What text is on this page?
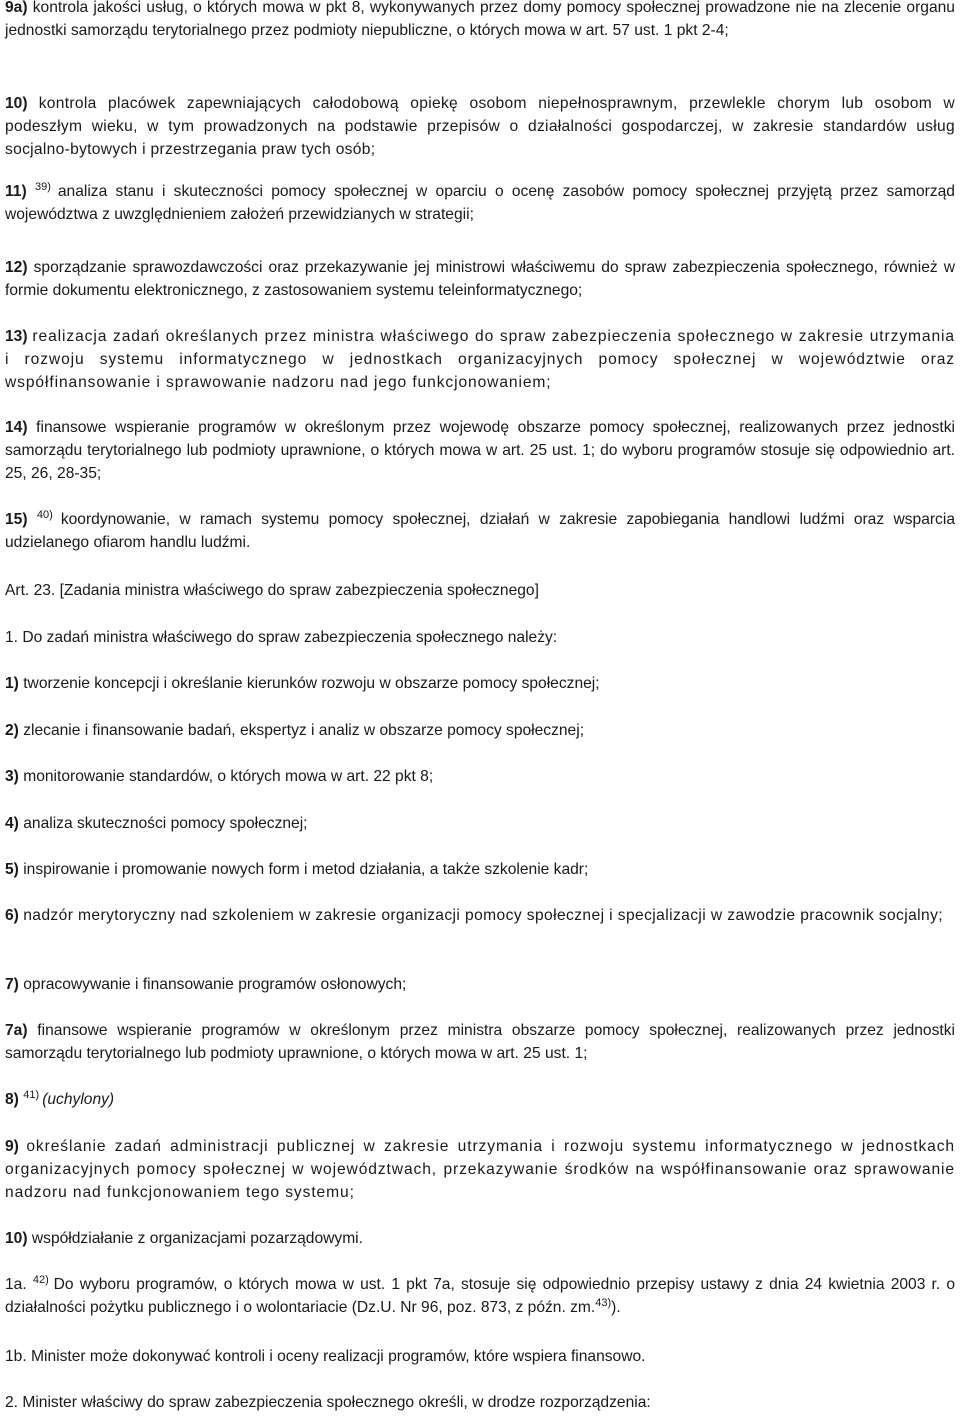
9a) kontrola jakości usług, o których mowa w pkt 8, wykonywanych przez domy pomocy społecznej prowadzone nie na zlecenie organu jednostki samorządu terytorialnego przez podmioty niepubliczne, o których mowa w art. 57 ust. 1 pkt 2-4;

10) kontrola placówek zapewniających całodobową opiekę osobom niepełnosprawnym, przewlekle chorym lub osobom w podeszłym wieku, w tym prowadzonych na podstawie przepisów o działalności gospodarczej, w zakresie standardów usług socjalno-bytowych i przestrzegania praw tych osób;

11) $^{39)}$ analiza stanu i skuteczności pomocy społecznej w oparciu o ocenę zasobów pomocy społecznej przyjętą przez samorząd województwa z uwzględnieniem założeń przewidzianych w strategii;

12) sporządzanie sprawozdawczości oraz przekazywanie jej ministrowi właściwemu do spraw zabezpieczenia społecznego, również w formie dokumentu elektronicznego, z zastosowaniem systemu teleinformatycznego;

13) realizacja zadań określanych przez ministra właściwego do spraw zabezpieczenia społecznego w zakresie utrzymania i rozwoju systemu informatycznego w jednostkach organizacyjnych pomocy społecznej w województwie oraz współfinansowanie i sprawowanie nadzoru nad jego funkcjonowaniem;

14) finansowe wspieranie programów w określonym przez wojewodę obszarze pomocy społecznej, realizowanych przez jednostki samorządu terytorialnego lub podmioty uprawnione, o których mowa w art. 25 ust. 1; do wyboru programów stosuje się odpowiednio art. 25, 26, 28-35;

15) $^{40)}$ koordynowanie, w ramach systemu pomocy społecznej, działań w zakresie zapobiegania handlowi ludźmi oraz wsparcia udzielanego ofiarom handlu ludźmi.

Art. 23. [Zadania ministra właściwego do spraw zabezpieczenia społecznego]

1. Do zadań ministra właściwego do spraw zabezpieczenia społecznego należy:

1) tworzenie koncepcji i określanie kierunków rozwoju w obszarze pomocy społecznej;

2) zlecanie i finansowanie badań, ekspertyz i analiz w obszarze pomocy społecznej;

3) monitorowanie standardów, o których mowa w art. 22 pkt 8;

4) analiza skuteczności pomocy społecznej;

5) inspirowanie i promowanie nowych form i metod działania, a także szkolenie kadr;

6) nadzór merytoryczny nad szkoleniem w zakresie organizacji pomocy społecznej i specjalizacji w zawodzie pracownik socjalny;

7) opracowywanie i finansowanie programów osłonowych;

7a) finansowe wspieranie programów w określonym przez ministra obszarze pomocy społecznej, realizowanych przez jednostki samorządu terytorialnego lub podmioty uprawnione, o których mowa w art. 25 ust. 1;

8) $^{41)}$ (uchylony)

9) określanie zadań administracji publicznej w zakresie utrzymania i rozwoju systemu informatycznego w jednostkach organizacyjnych pomocy społecznej w województwach, przekazywanie środków na współfinansowanie oraz sprawowanie nadzoru nad funkcjonowaniem tego systemu;

10) współdziałanie z organizacjami pozarządowymi.

1a. $^{42)}$ Do wyboru programów, o których mowa w ust. 1 pkt 7a, stosuje się odpowiednio przepisy ustawy z dnia 24 kwietnia 2003 r. o działalności pożytku publicznego i o wolontariacie (Dz.U. Nr 96, poz. 873, z późn. zm.$^{43)}$).

1b. Minister może dokonywać kontroli i oceny realizacji programów, które wspiera finansowo.

2. Minister właściwy do spraw zabezpieczenia społecznego określi, w drodze rozporządzenia:
